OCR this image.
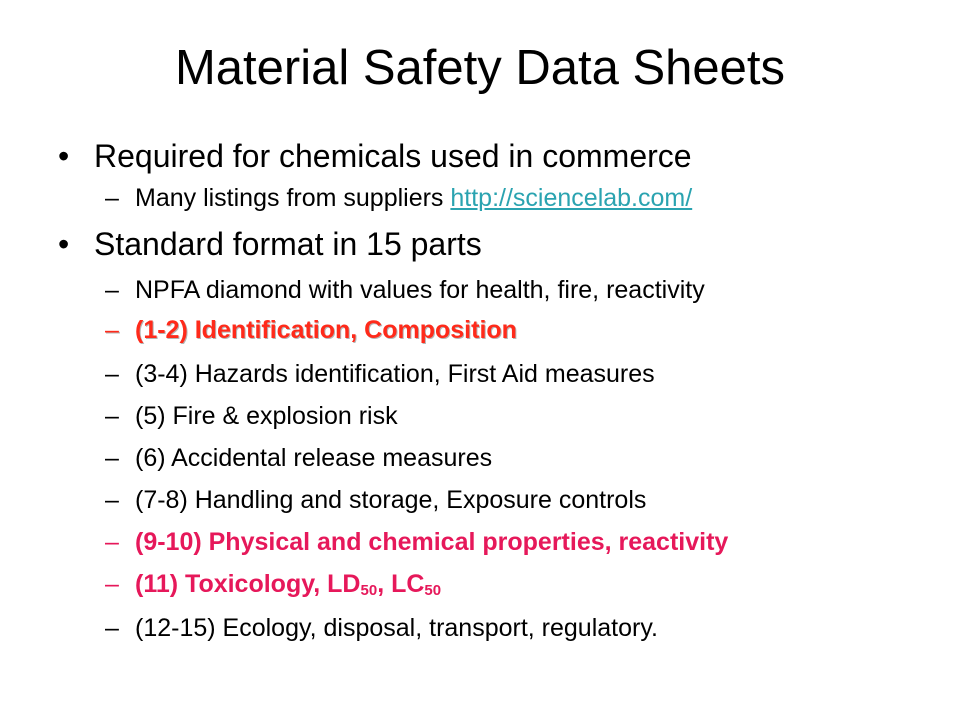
Material Safety Data Sheets
• Required for chemicals used in commerce
– Many listings from suppliers http://sciencelab.com/
• Standard format in 15 parts
– NPFA diamond with values for health, fire, reactivity
– (1-2) Identification, Composition
– (3-4) Hazards identification, First Aid measures
– (5) Fire & explosion risk
– (6) Accidental release measures
– (7-8) Handling and storage, Exposure controls
– (9-10) Physical and chemical properties, reactivity
– (11) Toxicology, $LD_{50}$, $LC_{50}$
– (12-15) Ecology, disposal, transport, regulatory.
